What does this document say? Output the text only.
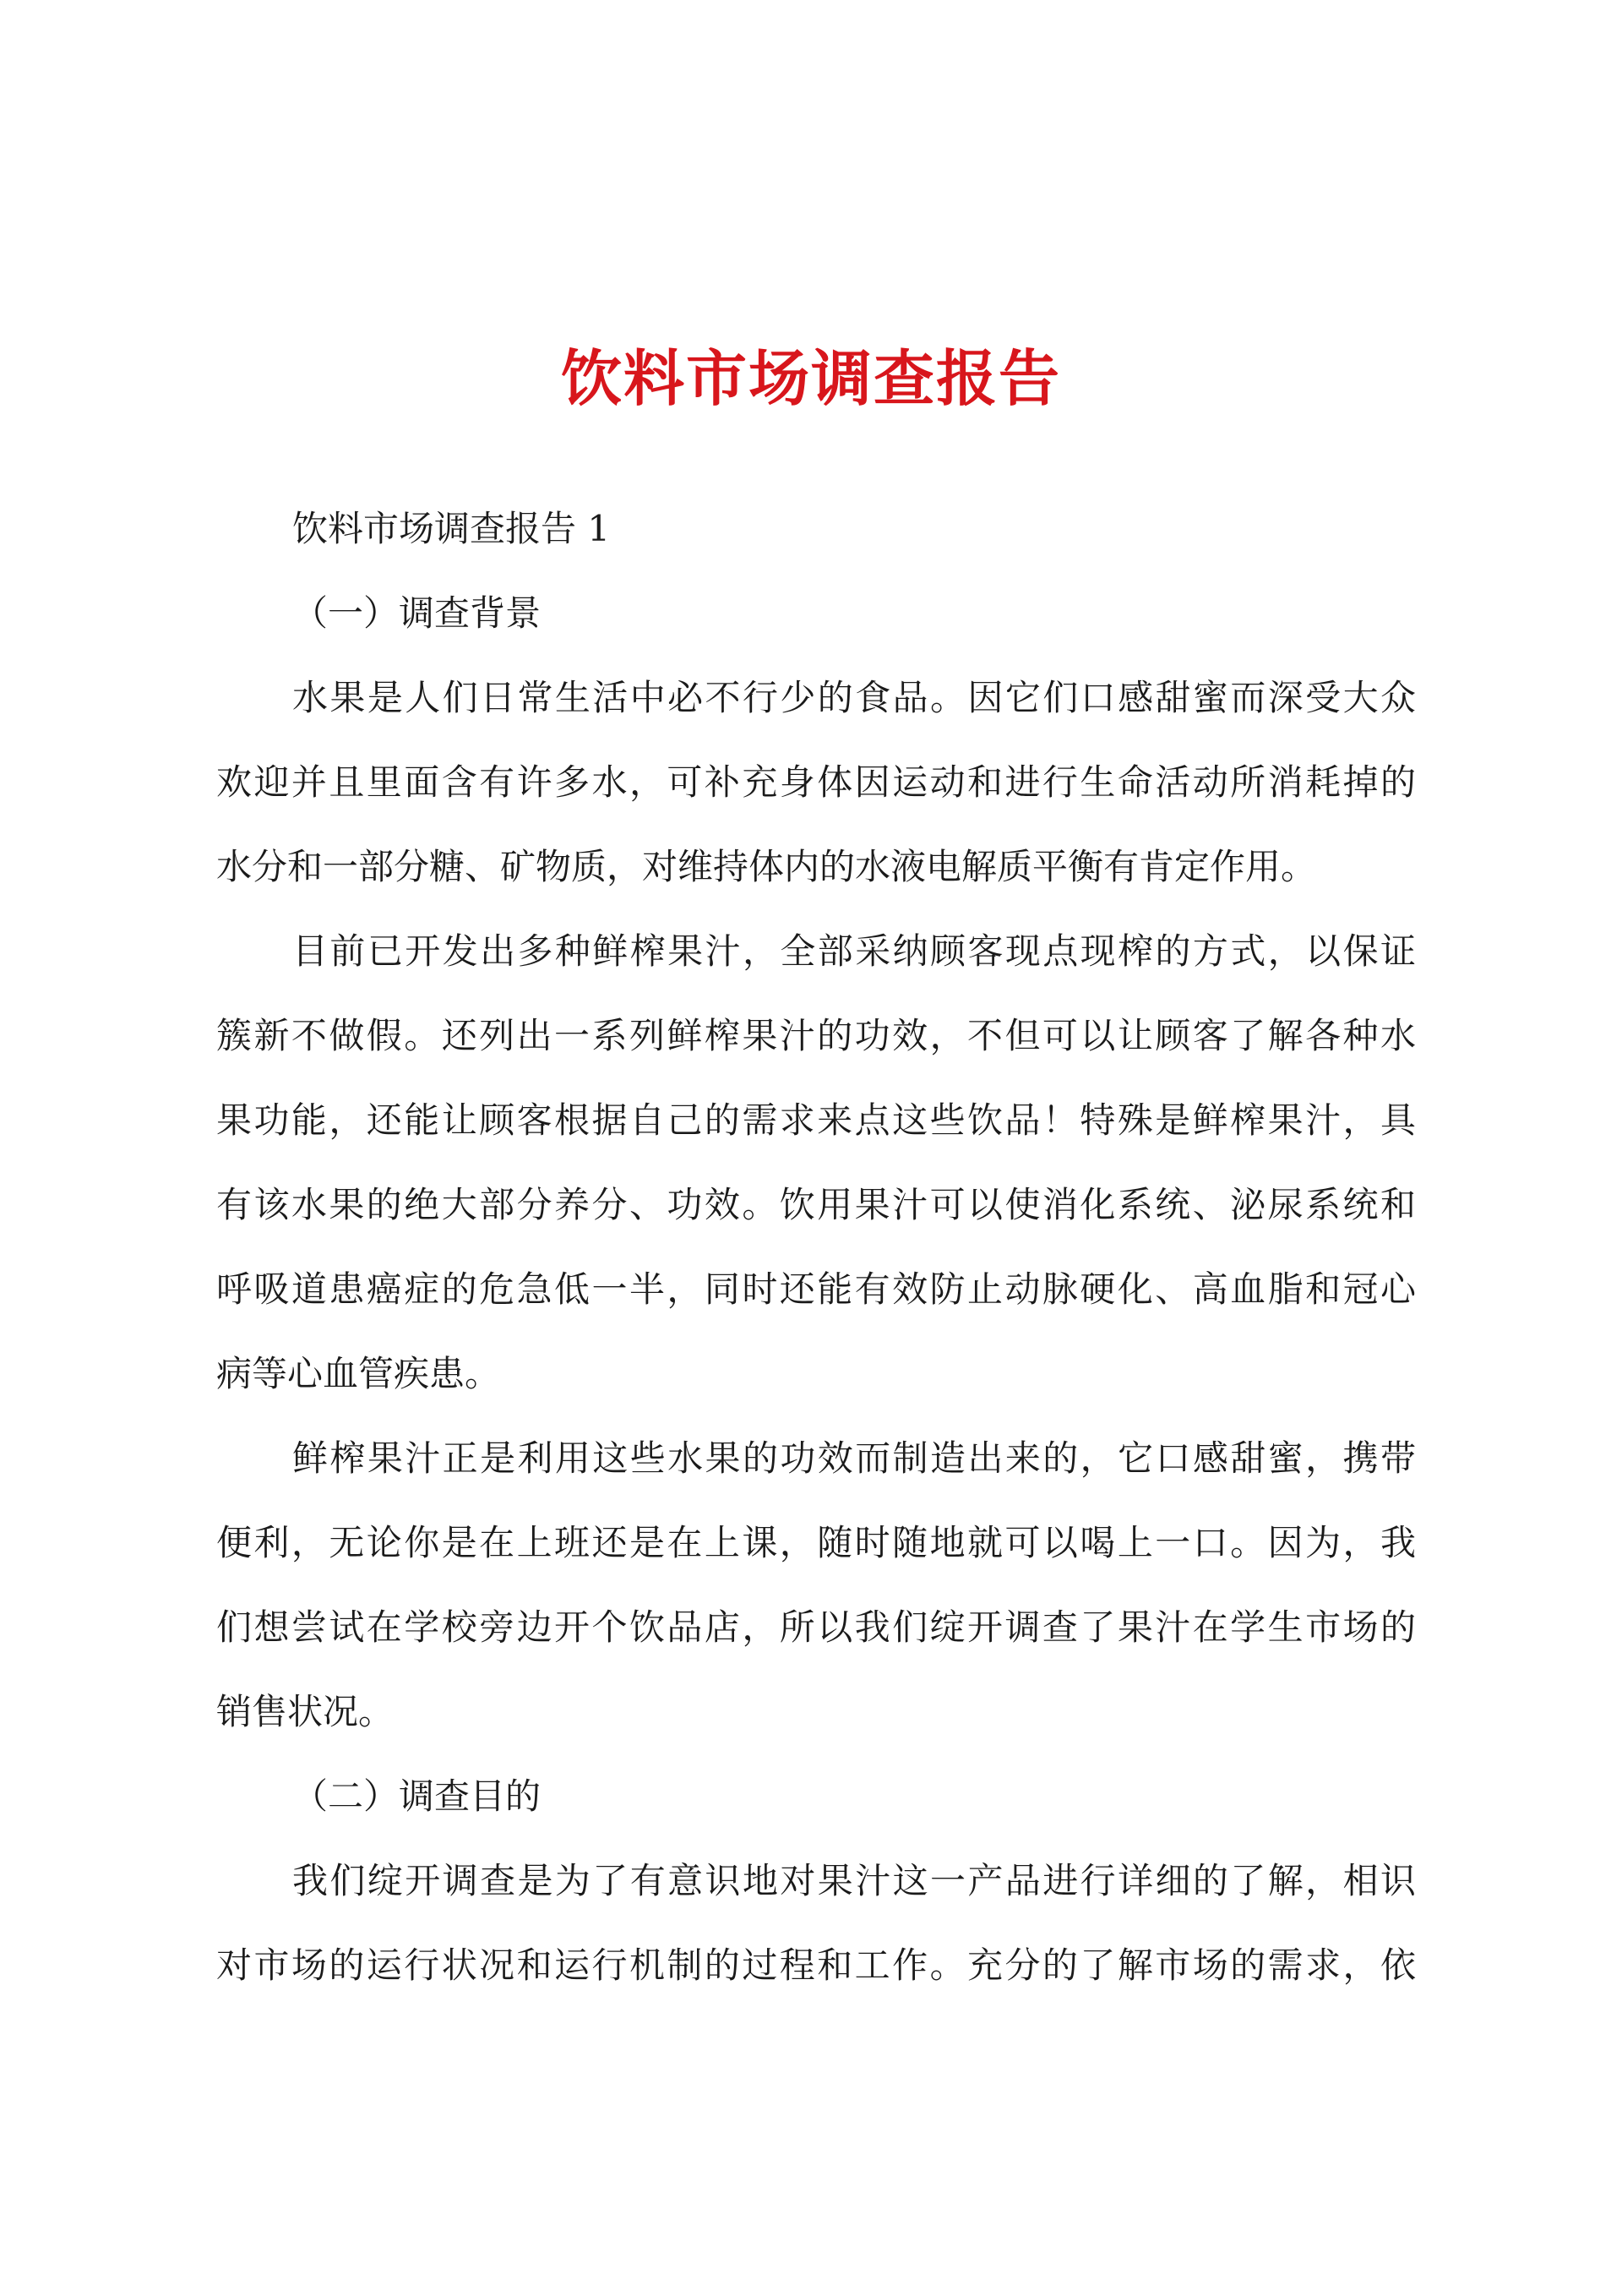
饮料市场调查报告
饮料市场调查报告 1
（一）调查背景
水果是人们日常生活中必不行少的食品。因它们口感甜蜜而深受大众
欢迎并且里面含有许多水，可补充身体因运动和进行生命活动所消耗掉的
水分和一部分糖、矿物质，对维持体内的水液电解质平衡有肯定作用。
目前已开发出多种鲜榨果汁，全部采纳顾客现点现榨的方式，以保证
簇新不做假。还列出一系列鲜榨果汁的功效，不但可以让顾客了解各种水
果功能，还能让顾客根据自己的需求来点这些饮品！特殊是鲜榨果汁，具
有该水果的绝大部分养分、功效。饮用果汁可以使消化系统、泌尿系统和
呼吸道患癌症的危急低一半，同时还能有效防止动脉硬化、高血脂和冠心
病等心血管疾患。
鲜榨果汁正是利用这些水果的功效而制造出来的，它口感甜蜜，携带
便利，无论你是在上班还是在上课，随时随地就可以喝上一口。因为，我
们想尝试在学校旁边开个饮品店，所以我们绽开调查了果汁在学生市场的
销售状况。
（二）调查目的
我们绽开调查是为了有意识地对果汁这一产品进行详细的了解，相识
对市场的运行状况和运行机制的过程和工作。充分的了解市场的需求，依
